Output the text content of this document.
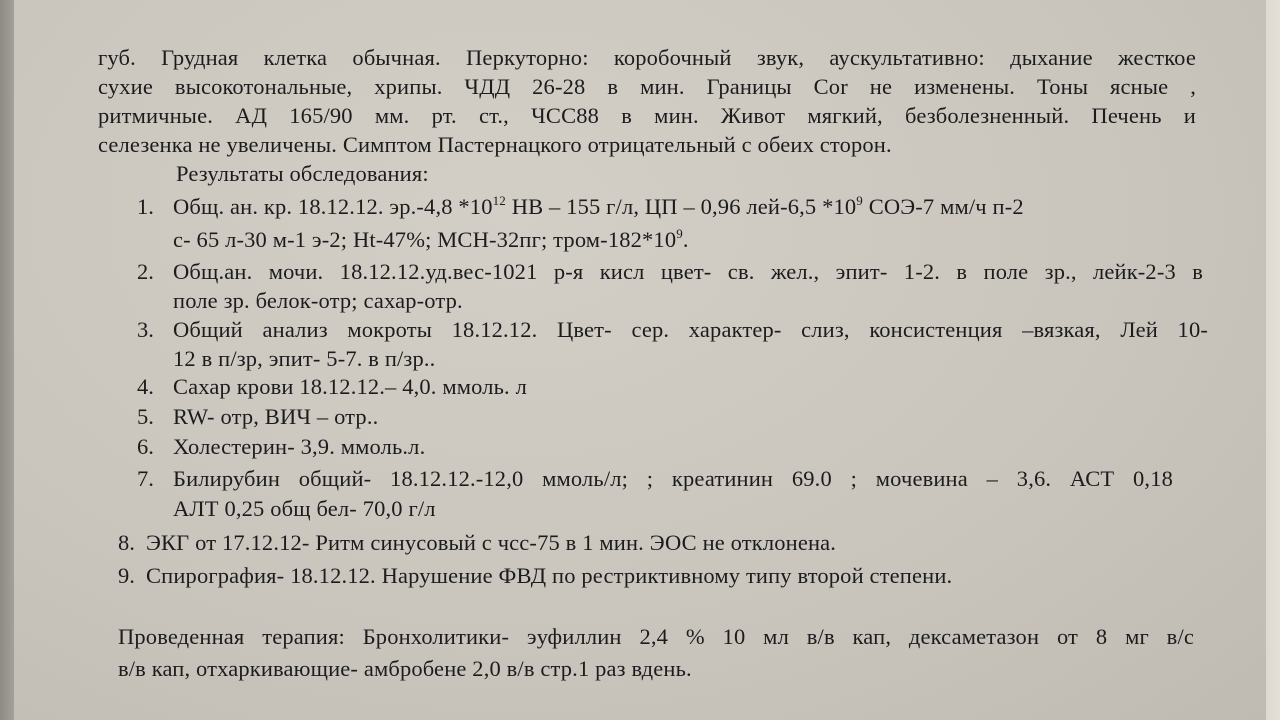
губ. Грудная клетка обычная. Перкуторно: коробочный звук, аускультативно: дыхание жесткое
сухие высокотональные, хрипы. ЧДД 26-28 в мин. Границы Cor не изменены. Тоны ясные ,
ритмичные. АД 165/90 мм. рт. ст., ЧСС88 в мин. Живот мягкий, безболезненный. Печень и
селезенка не увеличены. Симптом Пастернацкого отрицательный с обеих сторон.
Результаты обследования:
1. Общ. ан. кр. 18.12.12. эр.-4,8 $*10^{12}$ НВ – 155 г/л, ЦП – 0,96 лей-6,5 $*10^9$ СОЭ-7 мм/ч п-2
с- 65 л-30 м-1 э-2; Ht-47%; МСН-32пг; тром-$182*10^9$.
2. Общ.ан. мочи. 18.12.12.уд.вес-1021 р-я кисл цвет- св. жел., эпит- 1-2. в поле зр., лейк-2-3 в
поле зр. белок-отр; сахар-отр.
3. Общий анализ мокроты 18.12.12. Цвет- сер. характер- слиз, консистенция –вязкая, Лей 10-
12 в п/зр, эпит- 5-7. в п/зр..
4. Сахар крови 18.12.12.– 4,0. ммоль. л
5. RW- отр, ВИЧ – отр..
6. Холестерин- 3,9. ммоль.л.
7. Билирубин общий- 18.12.12.-12,0 ммоль/л; ; креатинин 69.0 ; мочевина – 3,6. АСТ 0,18
АЛТ 0,25 общ бел- 70,0 г/л
8. ЭКГ от 17.12.12- Ритм синусовый с чсс-75 в 1 мин. ЭОС не отклонена.
9. Спирография- 18.12.12. Нарушение ФВД по рестриктивному типу второй степени.
Проведенная терапия: Бронхолитики- эуфиллин 2,4 % 10 мл в/в кап, дексаметазон от 8 мг в/с
в/в кап, отхаркивающие- амбробене 2,0 в/в стр.1 раз вдень.
